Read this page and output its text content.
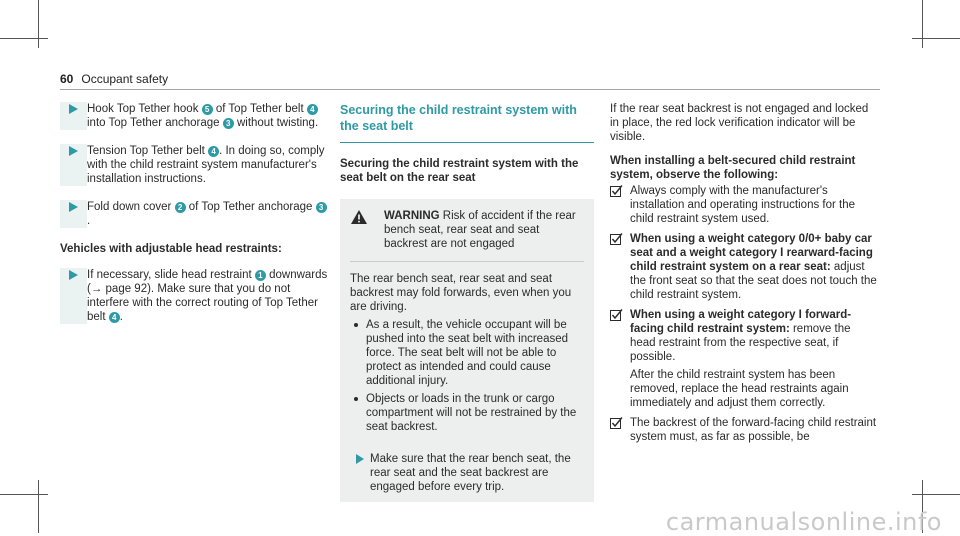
60 Occupant safety
Hook Top Tether hook 5 of Top Tether belt 4 into Top Tether anchorage 3 without twisting.
Tension Top Tether belt 4 . In doing so, comply with the child restraint system manufacturer's installation instructions.
Fold down cover 2 of Top Tether anchorage 3.
Vehicles with adjustable head restraints:
If necessary, slide head restraint 1 downwards (→ page 92). Make sure that you do not interfere with the correct routing of Top Tether belt 4 .
Securing the child restraint system with the seat belt
Securing the child restraint system with the seat belt on the rear seat
WARNING Risk of accident if the rear bench seat, rear seat and seat backrest are not engaged
The rear bench seat, rear seat and seat backrest may fold forwards, even when you are driving.
As a result, the vehicle occupant will be pushed into the seat belt with increased force. The seat belt will not be able to protect as intended and could cause additional injury.
Objects or loads in the trunk or cargo compartment will not be restrained by the seat backrest.
Make sure that the rear bench seat, the rear seat and the seat backrest are engaged before every trip.
If the rear seat backrest is not engaged and locked in place, the red lock verification indicator will be visible.
When installing a belt-secured child restraint system, observe the following:
Always comply with the manufacturer's installation and operating instructions for the child restraint system used.
When using a weight category 0/0+ baby car seat and a weight category I rearward-facing child restraint system on a rear seat: adjust the front seat so that the seat does not touch the child restraint system.
When using a weight category I forward-facing child restraint system: remove the head restraint from the respective seat, if possible.
After the child restraint system has been removed, replace the head restraints again immediately and adjust them correctly.
The backrest of the forward-facing child restraint system must, as far as possible, be
carmanualsonline.info
